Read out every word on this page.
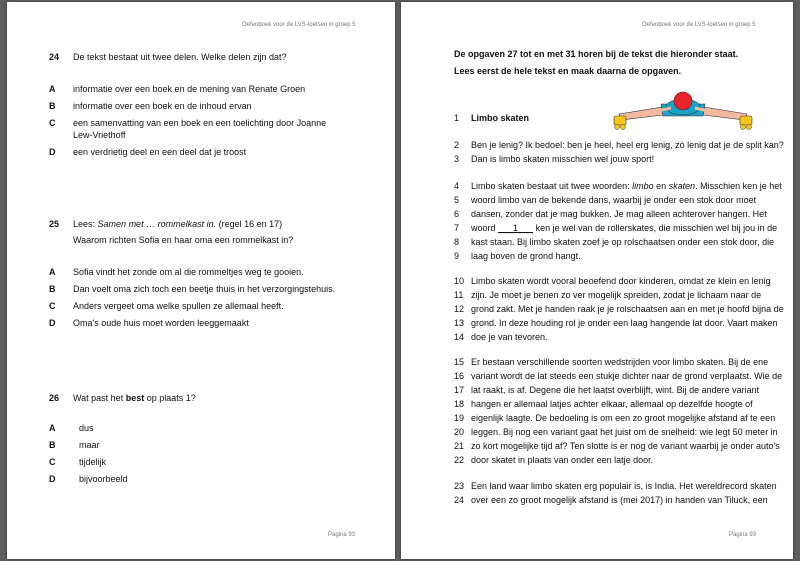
Oefenboek voor de LVS-toetsen in groep 5
24 De tekst bestaat uit twee delen. Welke delen zijn dat?
A informatie over een boek en de mening van Renate Groen
B informatie over een boek en de inhoud ervan
C een samenvatting van een boek en een toelichting door Joanne
Lew-Vriethoff
D een verdrietig deel en een deel dat je troost
25 Lees: Samen met … rommelkast in. (regel 16 en 17)
Waarom richten Sofia en haar oma een rommelkast in?
A Sofia vindt het zonde om al die rommeltjes weg te gooien.
B Dan voelt oma zich toch een beetje thuis in het verzorgingstehuis.
C Anders vergeet oma welke spullen ze allemaal heeft.
D Oma's oude huis moet worden leeggemaakt
26 Wat past het best op plaats 1?
A	dus
B	maar
C	tijdelijk
D	bijvoorbeeld
Pagina 93
Oefenboek voor de LVS-toetsen in groep 5
De opgaven 27 tot en met 31 horen bij de tekst die hieronder staat.
Lees eerst de hele tekst en maak daarna de opgaven.
1 Limbo skaten
2 Ben je lenig? Ik bedoel: ben je heel, heel erg lenig, zó lenig dat je de split kan?
3 Dan is limbo skaten misschien wel jouw sport!
4 Limbo skaten bestaat uit twee woorden: limbo en skaten. Misschien ken je het
5 woord limbo van de bekende dans, waarbij je onder een stok door moet
6 dansen, zonder dat je mag bukken. Je mag alleen achterover hangen. Het
7 woord ___1___ ken je wel van de rollerskates, die misschien wel bij jou in de
8 kast staan. Bij limbo skaten zoef je op rolschaatsen onder een stok door, die
9 laag boven de grond hangt.
10 Limbo skaten wordt vooral beoefend door kinderen, omdat ze klein en lenig
11 zijn. Je moet je benen zo ver mogelijk spreiden, zodat je lichaam naar de
12 grond zakt. Met je handen raak je je rolschaatsen aan en met je hoofd bijna de
13 grond. In deze houding rol je onder een laag hangende lat door. Vaart maken
14 doe je van tevoren.
15 Er bestaan verschillende soorten wedstrijden voor limbo skaten. Bij de ene
16 variant wordt de lat steeds een stukje dichter naar de grond verplaatst. Wie de
17 lat raakt, is af. Degene die het laatst overblijft, wint. Bij de andere variant
18 hangen er allemaal latjes achter elkaar, allemaal op dezelfde hoogte of
19 eigenlijk laagte. De bedoeling is om een zo groot mogelijke afstand af te een
20 leggen. Bij nog een variant gaat het juist om de snelheid: wie legt 50 meter in
21 zo kort mogelijke tijd af? Ten slotte is er nog de variant waarbij je onder auto's
22 door skatet in plaats van onder een latje door.
23 Een land waar limbo skaten erg populair is, is India. Het wereldrecord skaten
24 over een zo groot mogelijk afstand is (mei 2017) in handen van Tiluck, een
Pagina 93
